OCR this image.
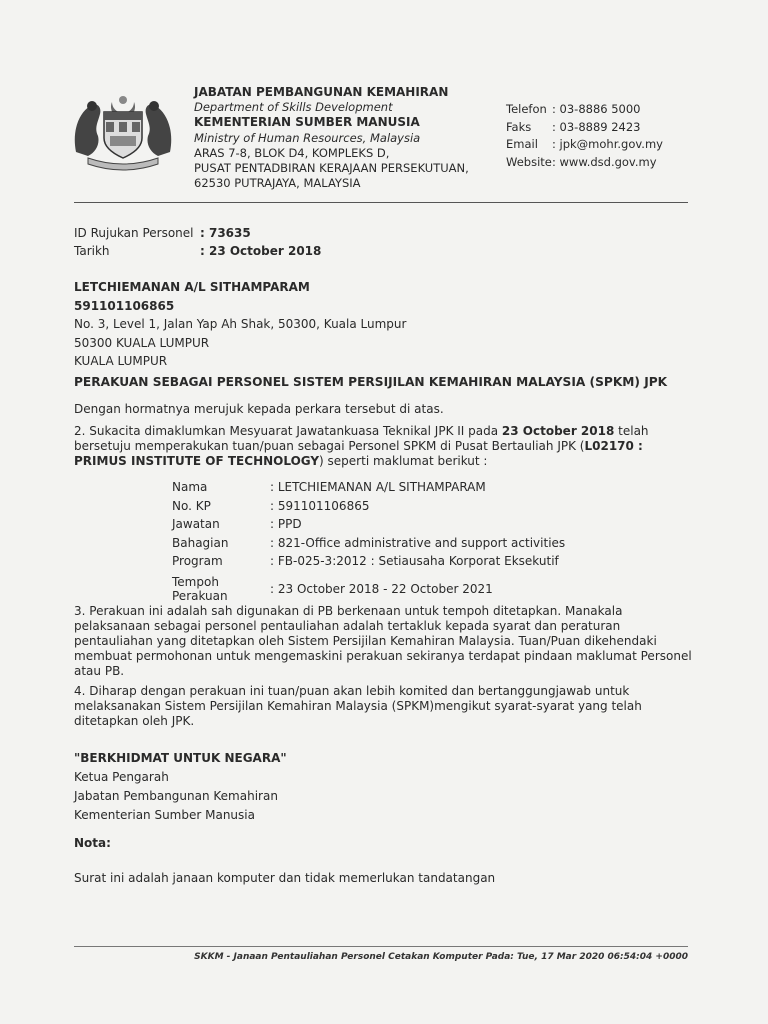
JABATAN PEMBANGUNAN KEMAHIRAN
Department of Skills Development
KEMENTERIAN SUMBER MANUSIA
Ministry of Human Resources, Malaysia
ARAS 7-8, BLOK D4, KOMPLEKS D,
PUSAT PENTADBIRAN KERAJAAN PERSEKUTUAN,
62530 PUTRAJAYA, MALAYSIA
Telefon : 03-8886 5000
Faks	: 03-8889 2423
Email	: jpk@mohr.gov.my
Website : www.dsd.gov.my
ID Rujukan Personel : 73635
Tarikh	: 23 October 2018
LETCHIEMANAN A/L SITHAMPARAM
591101106865
No. 3, Level 1, Jalan Yap Ah Shak, 50300, Kuala Lumpur
50300 KUALA LUMPUR
KUALA LUMPUR
PERAKUAN SEBAGAI PERSONEL SISTEM PERSIJILAN KEMAHIRAN MALAYSIA (SPKM) JPK
Dengan hormatnya merujuk kepada perkara tersebut di atas.
2. Sukacita dimaklumkan Mesyuarat Jawatankuasa Teknikal JPK II pada 23 October 2018 telah bersetuju memperakukan tuan/puan sebagai Personel SPKM di Pusat Bertauliah JPK (L02170 : PRIMUS INSTITUTE OF TECHNOLOGY) seperti maklumat berikut :
Nama	: LETCHIEMANAN A/L SITHAMPARAM
No. KP	: 591101106865
Jawatan	: PPD
Bahagian	: 821-Office administrative and support activities
Program	: FB-025-3:2012 : Setiausaha Korporat Eksekutif
Tempoh
Perakuan	: 23 October 2018 - 22 October 2021
3. Perakuan ini adalah sah digunakan di PB berkenaan untuk tempoh ditetapkan. Manakala pelaksanaan sebagai personel pentauliahan adalah tertakluk kepada syarat dan peraturan pentauliahan yang ditetapkan oleh Sistem Persijilan Kemahiran Malaysia. Tuan/Puan dikehendaki membuat permohonan untuk mengemaskini perakuan sekiranya terdapat pindaan maklumat Personel atau PB.
4. Diharap dengan perakuan ini tuan/puan akan lebih komited dan bertanggungjawab untuk melaksanakan Sistem Persijilan Kemahiran Malaysia (SPKM)mengikut syarat-syarat yang telah ditetapkan oleh JPK.
"BERKHIDMAT UNTUK NEGARA"
Ketua Pengarah
Jabatan Pembangunan Kemahiran
Kementerian Sumber Manusia
Nota:
Surat ini adalah janaan komputer dan tidak memerlukan tandatangan
SKKM - Janaan Pentauliahan Personel Cetakan Komputer Pada: Tue, 17 Mar 2020 06:54:04 +0000
